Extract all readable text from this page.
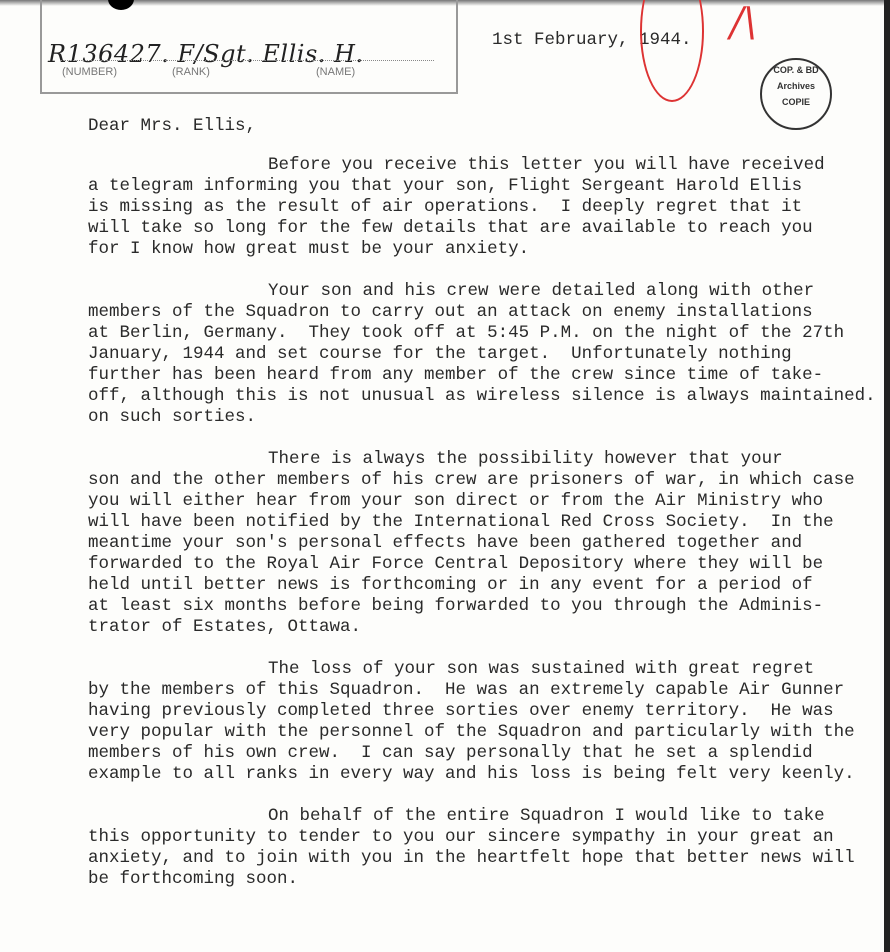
R136427. F/Sgt. Ellis. H.
(NUMBER)	(RANK)	(NAME)
1st February, 1944. /\
COP. & BD
Archives
COPIE
Dear Mrs. Ellis,
Before you receive this letter you will have received
a telegram informing you that your son, Flight Sergeant Harold Ellis
is missing as the result of air operations.  I deeply regret that it
will take so long for the few details that are available to reach you
for I know how great must be your anxiety.
Your son and his crew were detailed along with other
members of the Squadron to carry out an attack on enemy installations
at Berlin, Germany.  They took off at 5:45 P.M. on the night of the 27th
January, 1944 and set course for the target.  Unfortunately nothing
further has been heard from any member of the crew since time of take-
off, although this is not unusual as wireless silence is always maintained.
on such sorties.
There is always the possibility however that your
son and the other members of his crew are prisoners of war, in which case
you will either hear from your son direct or from the Air Ministry who
will have been notified by the International Red Cross Society.  In the
meantime your son's personal effects have been gathered together and
forwarded to the Royal Air Force Central Depository where they will be
held until better news is forthcoming or in any event for a period of
at least six months before being forwarded to you through the Adminis-
trator of Estates, Ottawa.
The loss of your son was sustained with great regret
by the members of this Squadron.  He was an extremely capable Air Gunner
having previously completed three sorties over enemy territory.  He was
very popular with the personnel of the Squadron and particularly with the
members of his own crew.  I can say personally that he set a splendid
example to all ranks in every way and his loss is being felt very keenly.
On behalf of the entire Squadron I would like to take
this opportunity to tender to you our sincere sympathy in your great an
anxiety, and to join with you in the heartfelt hope that better news will
be forthcoming soon.
